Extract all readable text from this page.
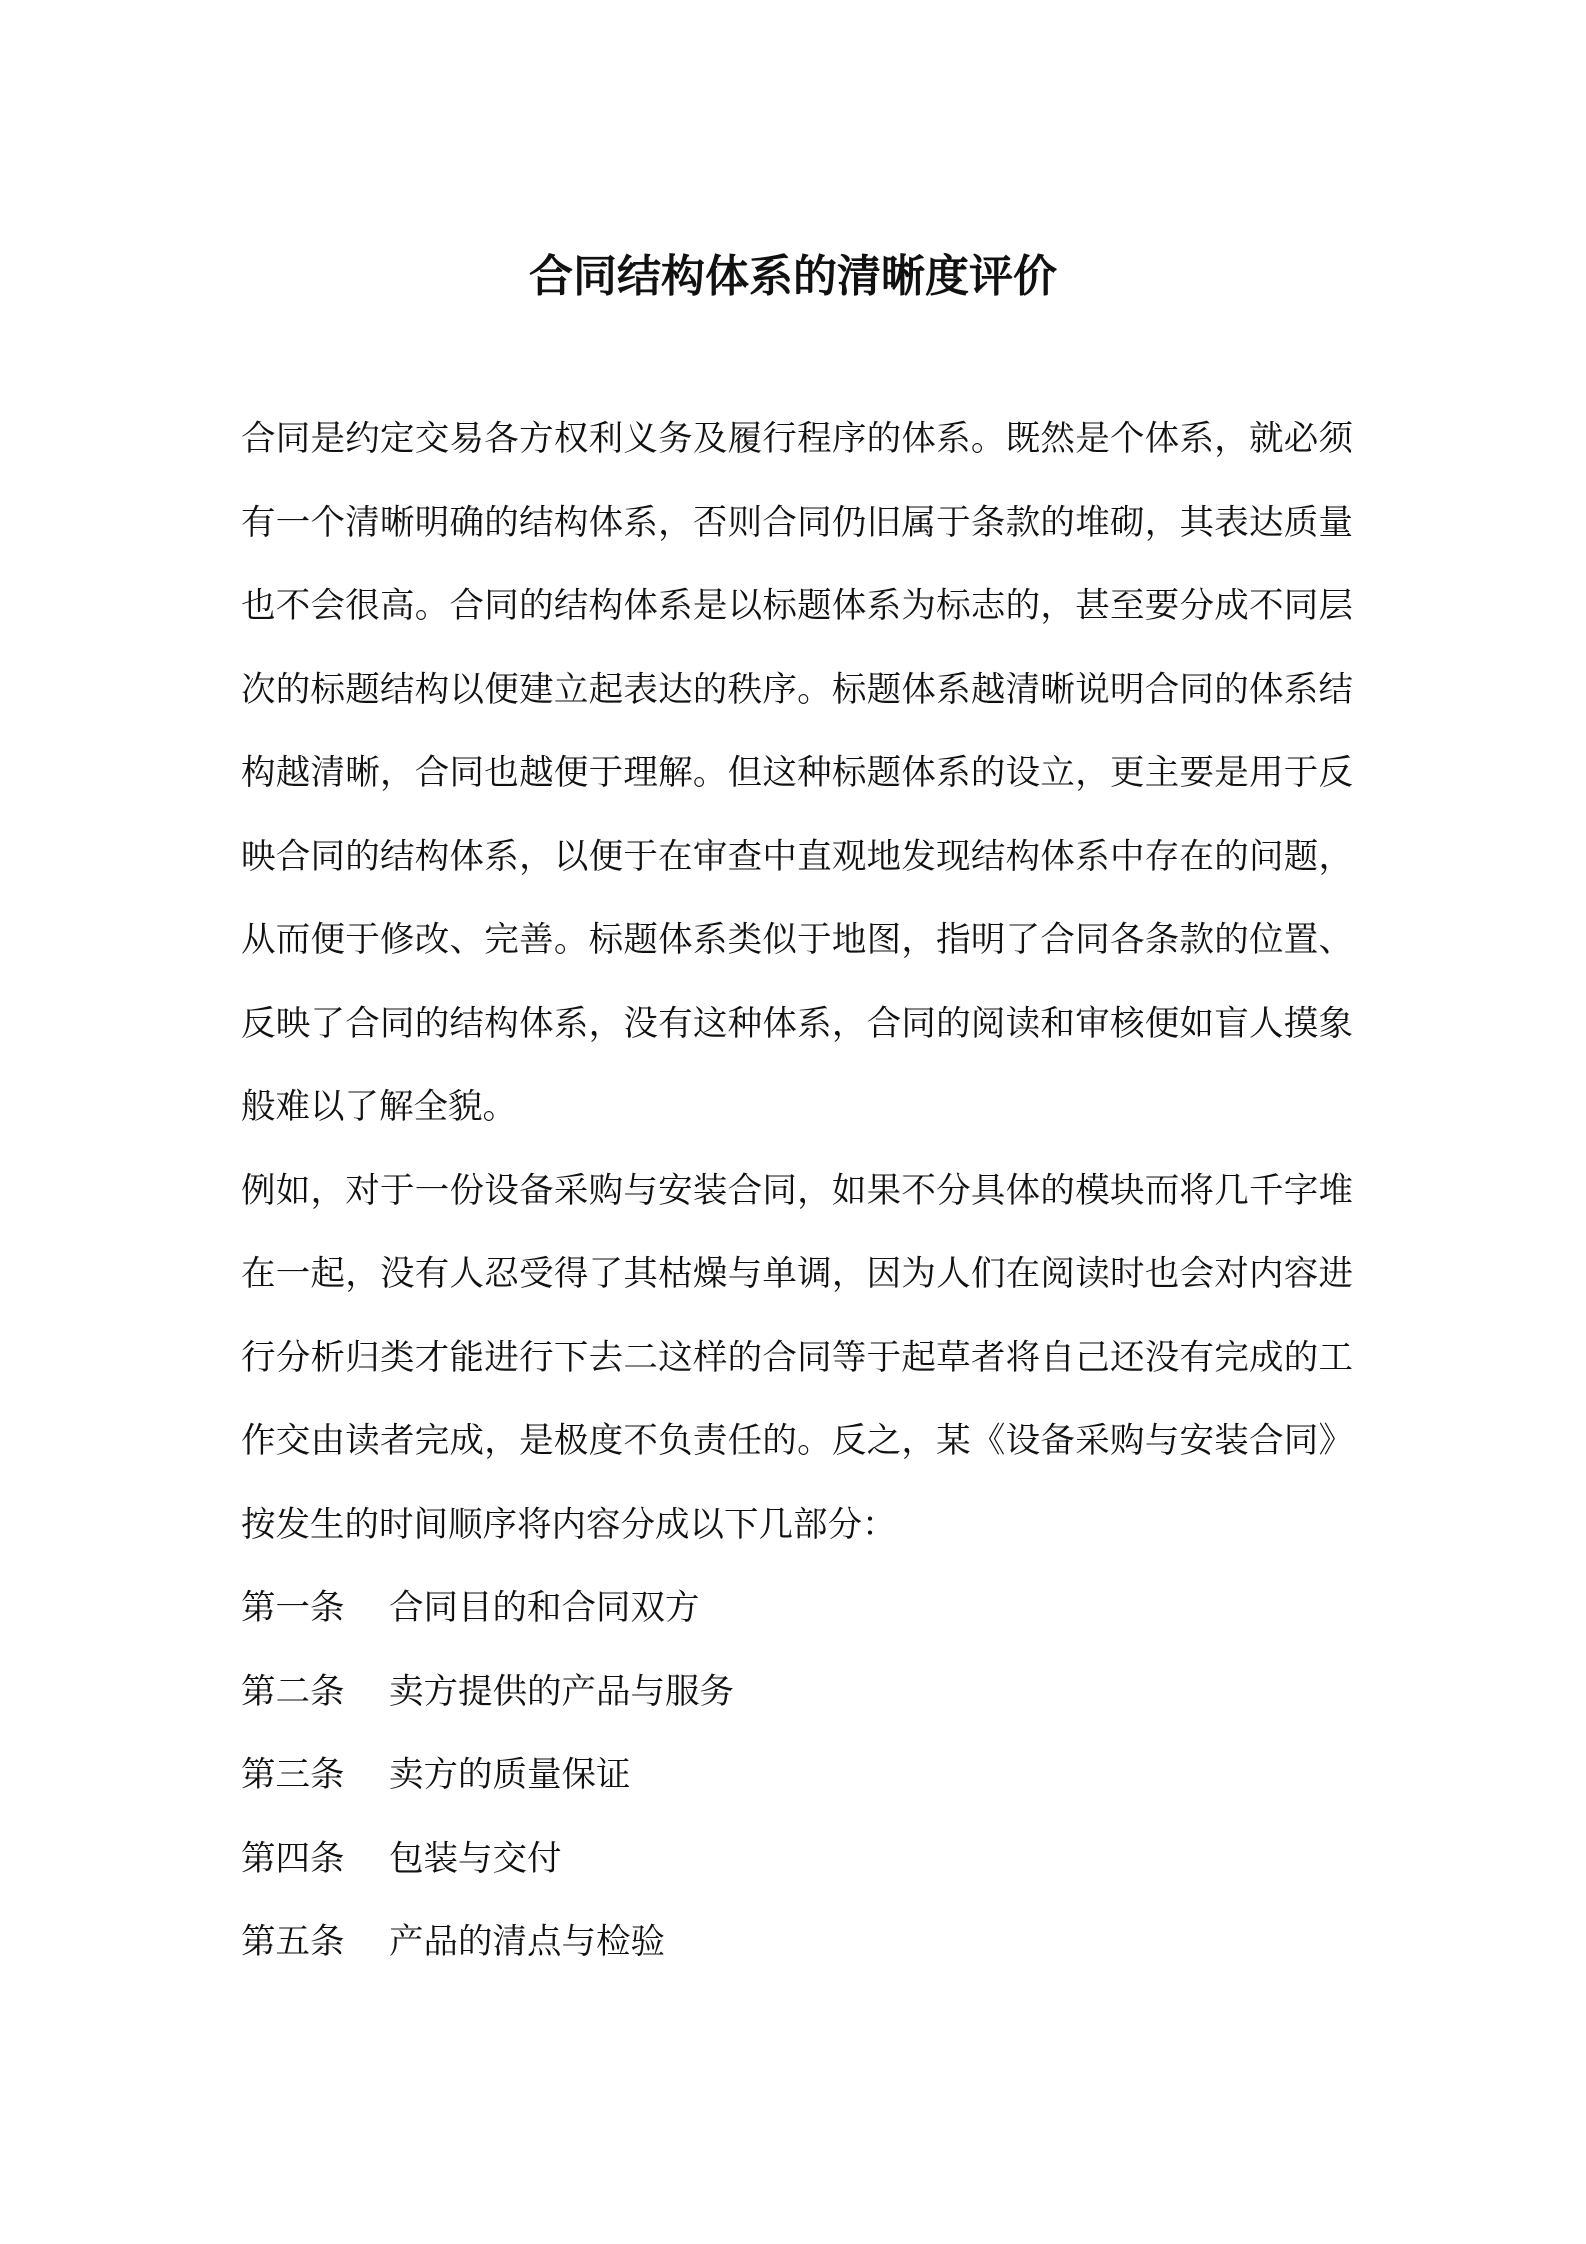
合同结构体系的清晰度评价

合同是约定交易各方权利义务及履行程序的体系。既然是个体系，就必须有一个清晰明确的结构体系，否则合同仍旧属于条款的堆砌，其表达质量也不会很高。合同的结构体系是以标题体系为标志的，甚至要分成不同层次的标题结构以便建立起表达的秩序。标题体系越清晰说明合同的体系结构越清晰，合同也越便于理解。但这种标题体系的设立，更主要是用于反映合同的结构体系，以便于在审查中直观地发现结构体系中存在的问题，从而便于修改、完善。标题体系类似于地图，指明了合同各条款的位置、反映了合同的结构体系，没有这种体系，合同的阅读和审核便如盲人摸象般难以了解全貌。

例如，对于一份设备采购与安装合同，如果不分具体的模块而将几千字堆在一起，没有人忍受得了其枯燥与单调，因为人们在阅读时也会对内容进行分析归类才能进行下去二这样的合同等于起草者将自己还没有完成的工作交由读者完成，是极度不负责任的。反之，某《设备采购与安装合同》按发生的时间顺序将内容分成以下几部分：

第一条 合同目的和合同双方
第二条 卖方提供的产品与服务
第三条 卖方的质量保证
第四条 包装与交付
第五条 产品的清点与检验
